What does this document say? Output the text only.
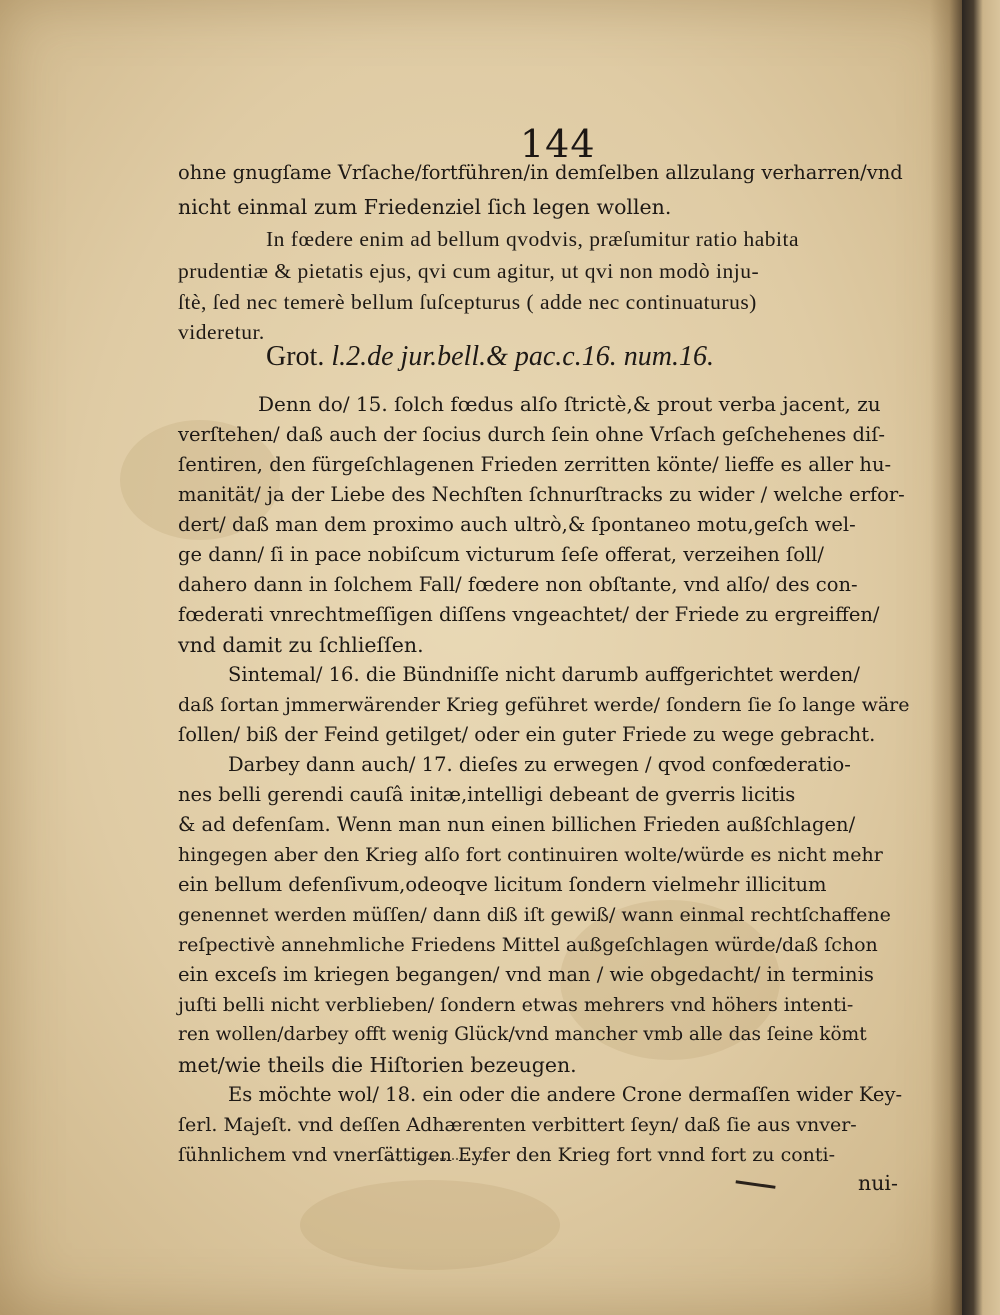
144
ohne gnugſame Vrſache/fortführen/in demſelben allzulang verharren/vnd
nicht einmal zum Friedenziel ſich legen wollen.
In fœdere enim ad bellum qvodvis, præſumitur ratio habita
prudentiæ & pietatis ejus, qvi cum agitur, ut qvi non modò inju-
ſtè, ſed nec temerè bellum ſuſcepturus ( adde nec continuaturus)
videretur.
Grot. l.2.de jur.bell.& pac.c.16. num.16.
Denn do/ 15. ſolch fœdus alſo ſtrictè,& prout verba jacent, zu
verſtehen/ daß auch der ſocius durch ſein ohne Vrſach geſchehenes diſ-
ſentiren, den fürgeſchlagenen Frieden zerritten könte/ lieffe es aller hu-
manität/ ja der Liebe des Nechſten ſchnurſtracks zu wider / welche erfor-
dert/ daß man dem proximo auch ultrò,& ſpontaneo motu,geſch wel-
ge dann/ ſi in pace nobiſcum victurum ſeſe offerat, verzeihen ſoll/
dahero dann in ſolchem Fall/ fœdere non obſtante, vnd alſo/ des con-
fœderati vnrechtmeſſigen diſſens vngeachtet/ der Friede zu ergreiffen/
vnd damit zu ſchlieſſen.
Sintemal/ 16. die Bündniſſe nicht darumb auffgerichtet werden/
daß ſortan jmmerwärender Krieg geführet werde/ ſondern ſie ſo lange wäre
ſollen/ biß der Feind getilget/ oder ein guter Friede zu wege gebracht.
Darbey dann auch/ 17. dieſes zu erwegen / qvod confœderatio-
nes belli gerendi cauſâ initæ,intelligi debeant de gverris licitis
& ad defenſam. Wenn man nun einen billichen Frieden außſchlagen/
hingegen aber den Krieg alſo fort continuiren wolte/würde es nicht mehr
ein bellum defenſivum,odeoqve licitum ſondern vielmehr illicitum
genennet werden müſſen/ dann diß iſt gewiß/ wann einmal rechtſchaffene
reſpectivè annehmliche Friedens Mittel außgeſchlagen würde/daß ſchon
ein exceſs im kriegen begangen/ vnd man / wie obgedacht/ in terminis
juſti belli nicht verblieben/ ſondern etwas mehrers vnd höhers intenti-
ren wollen/darbey offt wenig Glück/vnd mancher vmb alle das ſeine kömt
met/wie theils die Hiſtorien bezeugen.
Es möchte wol/ 18. ein oder die andere Crone dermaſſen wider Key-
ſerl. Majeſt. vnd deſſen Adhærenten verbittert ſeyn/ daß ſie aus vnver-
ſühnlichem vnd vnerſättigen Eyfer den Krieg fort vnnd fort zu conti-
nui-
